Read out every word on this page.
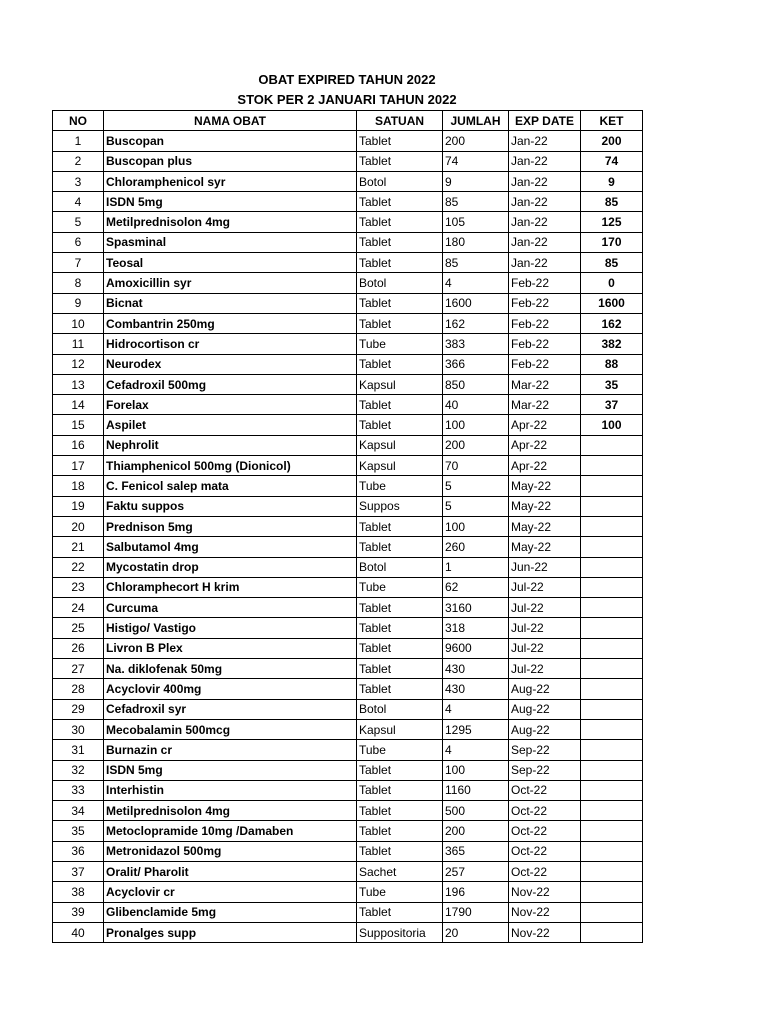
OBAT EXPIRED TAHUN 2022
STOK PER 2 JANUARI TAHUN 2022
NO	NAMA OBAT	SATUAN	JUMLAH	EXP DATE	KET
1	Buscopan	Tablet	200	Jan-22	200
2	Buscopan plus	Tablet	74	Jan-22	74
3	Chloramphenicol syr	Botol	9	Jan-22	9
4	ISDN 5mg	Tablet	85	Jan-22	85
5	Metilprednisolon 4mg	Tablet	105	Jan-22	125
6	Spasminal	Tablet	180	Jan-22	170
7	Teosal	Tablet	85	Jan-22	85
8	Amoxicillin syr	Botol	4	Feb-22	0
9	Bicnat	Tablet	1600	Feb-22	1600
10	Combantrin 250mg	Tablet	162	Feb-22	162
11	Hidrocortison cr	Tube	383	Feb-22	382
12	Neurodex	Tablet	366	Feb-22	88
13	Cefadroxil 500mg	Kapsul	850	Mar-22	35
14	Forelax	Tablet	40	Mar-22	37
15	Aspilet	Tablet	100	Apr-22	100
16	Nephrolit	Kapsul	200	Apr-22	
17	Thiamphenicol 500mg (Dionicol)	Kapsul	70	Apr-22	
18	C. Fenicol salep mata	Tube	5	May-22	
19	Faktu suppos	Suppos	5	May-22	
20	Prednison 5mg	Tablet	100	May-22	
21	Salbutamol 4mg	Tablet	260	May-22	
22	Mycostatin drop	Botol	1	Jun-22	
23	Chloramphecort H krim	Tube	62	Jul-22	
24	Curcuma	Tablet	3160	Jul-22	
25	Histigo/ Vastigo	Tablet	318	Jul-22	
26	Livron B Plex	Tablet	9600	Jul-22	
27	Na. diklofenak 50mg	Tablet	430	Jul-22	
28	Acyclovir 400mg	Tablet	430	Aug-22	
29	Cefadroxil syr	Botol	4	Aug-22	
30	Mecobalamin 500mcg	Kapsul	1295	Aug-22	
31	Burnazin cr	Tube	4	Sep-22	
32	ISDN 5mg	Tablet	100	Sep-22	
33	Interhistin	Tablet	1160	Oct-22	
34	Metilprednisolon 4mg	Tablet	500	Oct-22	
35	Metoclopramide 10mg /Damaben	Tablet	200	Oct-22	
36	Metronidazol 500mg	Tablet	365	Oct-22	
37	Oralit/ Pharolit	Sachet	257	Oct-22	
38	Acyclovir cr	Tube	196	Nov-22	
39	Glibenclamide 5mg	Tablet	1790	Nov-22	
40	Pronalges supp	Suppositoria	20	Nov-22	
